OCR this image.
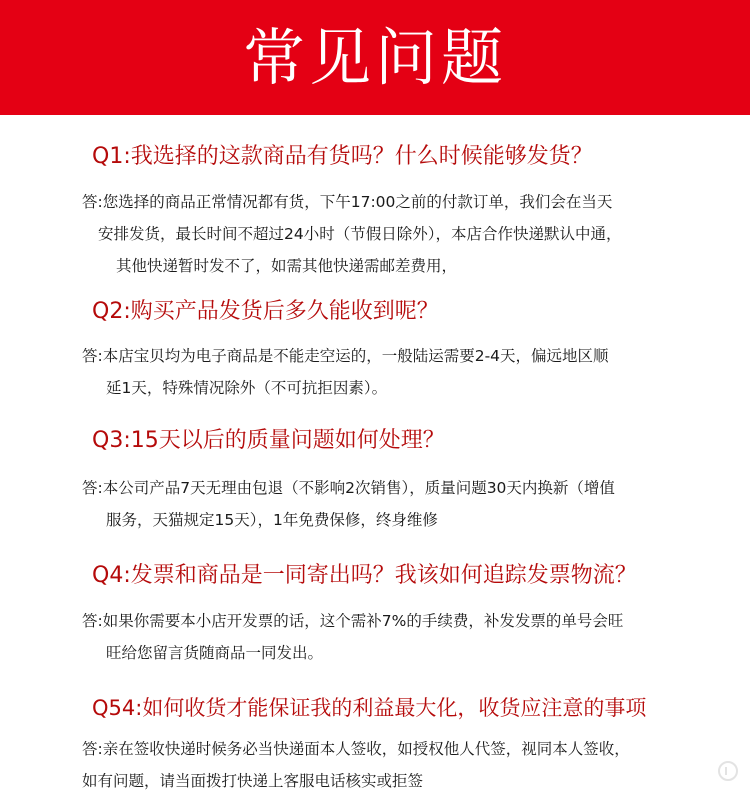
常见问题

Q1:我选择的这款商品有货吗？什么时候能够发货？

答:您选择的商品正常情况都有货，下午17:00之前的付款订单，我们会在当天
安排发货，最长时间不超过24小时（节假日除外），本店合作快递默认中通，
其他快递暂时发不了，如需其他快递需邮差费用，

Q2:购买产品发货后多久能收到呢？

答:本店宝贝均为电子商品是不能走空运的，一般陆运需要2-4天，偏远地区顺
延1天，特殊情况除外（不可抗拒因素）。

Q3:15天以后的质量问题如何处理？

答:本公司产品7天无理由包退（不影响2次销售），质量问题30天内换新（增值
服务，天猫规定15天），1年免费保修，终身维修

Q4:发票和商品是一同寄出吗？我该如何追踪发票物流？

答:如果你需要本小店开发票的话，这个需补7%的手续费，补发发票的单号会旺
旺给您留言货随商品一同发出。

Q54:如何收货才能保证我的利益最大化，收货应注意的事项

答:亲在签收快递时候务必当快递面本人签收，如授权他人代签，视同本人签收，
如有问题，请当面拨打快递上客服电话核实或拒签
